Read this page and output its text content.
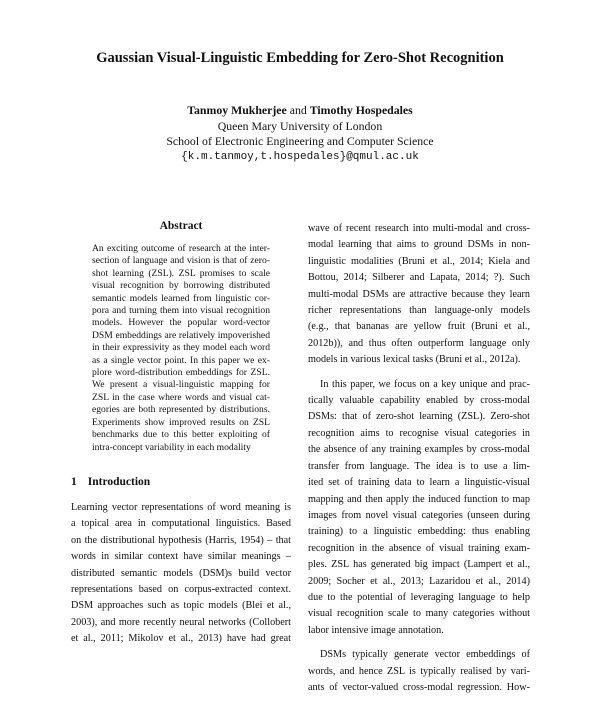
Gaussian Visual-Linguistic Embedding for Zero-Shot Recognition
Tanmoy Mukherjee and Timothy Hospedales
Queen Mary University of London
School of Electronic Engineering and Computer Science
{k.m.tanmoy,t.hospedales}@qmul.ac.uk
Abstract
An exciting outcome of research at the inter-
section of language and vision is that of zero-
shot learning (ZSL). ZSL promises to scale
visual recognition by borrowing distributed
semantic models learned from linguistic cor-
pora and turning them into visual recognition
models. However the popular word-vector
DSM embeddings are relatively impoverished
in their expressivity as they model each word
as a single vector point. In this paper we ex-
plore word-distribution embeddings for ZSL.
We present a visual-linguistic mapping for
ZSL in the case where words and visual cat-
egories are both represented by distributions.
Experiments show improved results on ZSL
benchmarks due to this better exploiting of
intra-concept variability in each modality
1 Introduction
Learning vector representations of word meaning is
a topical area in computational linguistics. Based
on the distributional hypothesis (Harris, 1954) – that
words in similar context have similar meanings –
distributed semantic models (DSM)s build vector
representations based on corpus-extracted context.
DSM approaches such as topic models (Blei et al.,
2003), and more recently neural networks (Collobert
et al., 2011; Mikolov et al., 2013) have had great
wave of recent research into multi-modal and cross-
modal learning that aims to ground DSMs in non-
linguistic modalities (Bruni et al., 2014; Kiela and
Bottou, 2014; Silberer and Lapata, 2014; ?). Such
multi-modal DSMs are attractive because they learn
richer representations than language-only models
(e.g., that bananas are yellow fruit (Bruni et al.,
2012b)), and thus often outperform language only
models in various lexical tasks (Bruni et al., 2012a).
In this paper, we focus on a key unique and prac-
tically valuable capability enabled by cross-modal
DSMs: that of zero-shot learning (ZSL). Zero-shot
recognition aims to recognise visual categories in
the absence of any training examples by cross-modal
transfer from language. The idea is to use a lim-
ited set of training data to learn a linguistic-visual
mapping and then apply the induced function to map
images from novel visual categories (unseen during
training) to a linguistic embedding: thus enabling
recognition in the absence of visual training exam-
ples. ZSL has generated big impact (Lampert et al.,
2009; Socher et al., 2013; Lazaridou et al., 2014)
due to the potential of leveraging language to help
visual recognition scale to many categories without
labor intensive image annotation.
DSMs typically generate vector embeddings of
words, and hence ZSL is typically realised by vari-
ants of vector-valued cross-modal regression. How-
